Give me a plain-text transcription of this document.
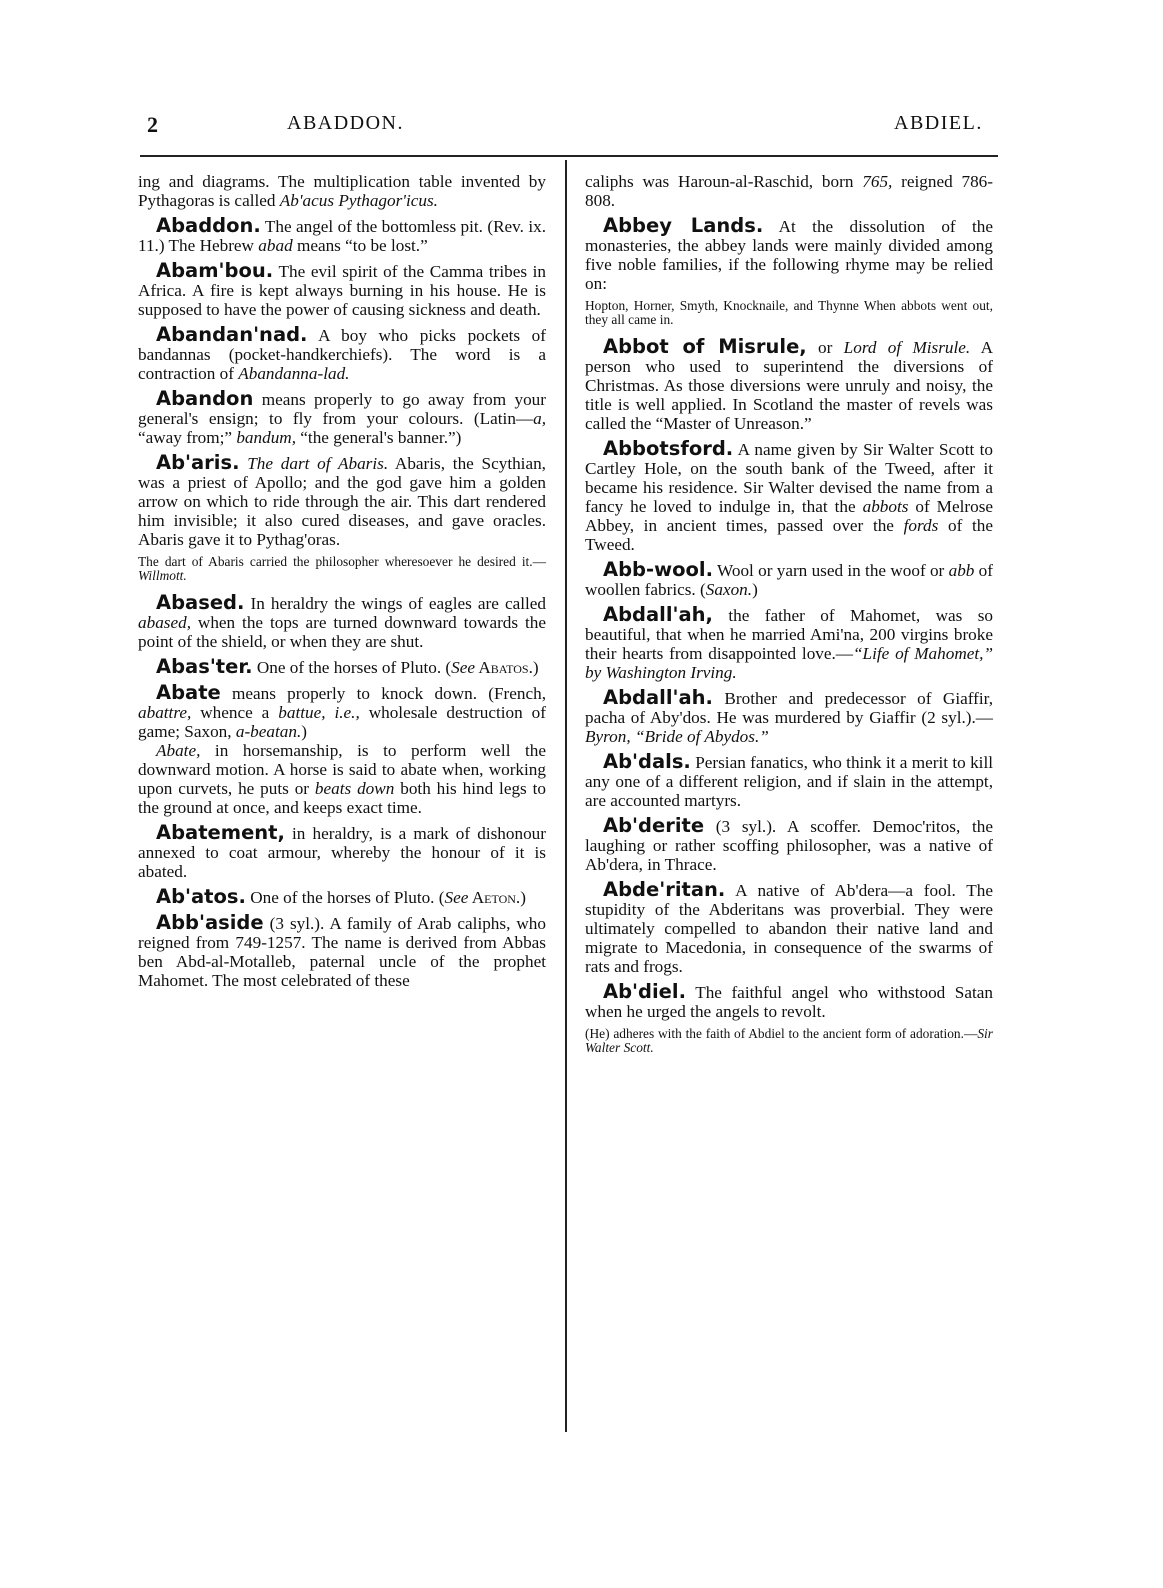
2	ABADDON.	ABDIEL.

ing and diagrams. The multiplication table invented by Pythagoras is called Ab'acus Pythagor'icus.

Abaddon. The angel of the bottomless pit. (Rev. ix. 11.) The Hebrew abad means “to be lost.”

Abam'bou. The evil spirit of the Camma tribes in Africa. A fire is kept always burning in his house. He is supposed to have the power of causing sickness and death.

Abandan'nad. A boy who picks pockets of bandannas (pocket-handkerchiefs). The word is a contraction of Abandanna-lad.

Abandon means properly to go away from your general's ensign; to fly from your colours. (Latin—a, “away from;” bandum, “the general's banner.”)

Ab'aris. The dart of Abaris. Abaris, the Scythian, was a priest of Apollo; and the god gave him a golden arrow on which to ride through the air. This dart rendered him invisible; it also cured diseases, and gave oracles. Abaris gave it to Pythag'oras.

The dart of Abaris carried the philosopher wheresoever he desired it.—Willmott.

Abased. In heraldry the wings of eagles are called abased, when the tops are turned downward towards the point of the shield, or when they are shut.

Abas'ter. One of the horses of Pluto. (See Abatos.)

Abate means properly to knock down. (French, abattre, whence a battue, i.e., wholesale destruction of game; Saxon, a-beatan.)

Abate, in horsemanship, is to perform well the downward motion. A horse is said to abate when, working upon curvets, he puts or beats down both his hind legs to the ground at once, and keeps exact time.

Abatement, in heraldry, is a mark of dishonour annexed to coat armour, whereby the honour of it is abated.

Ab'atos. One of the horses of Pluto. (See Aeton.)

Abb'aside (3 syl.). A family of Arab caliphs, who reigned from 749-1257. The name is derived from Abbas ben Abd-al-Motalleb, paternal uncle of the prophet Mahomet. The most celebrated of these

caliphs was Haroun-al-Raschid, born 765, reigned 786-808.

Abbey Lands. At the dissolution of the monasteries, the abbey lands were mainly divided among five noble families, if the following rhyme may be relied on:

Hopton, Horner, Smyth, Knocknaile, and Thynne When abbots went out, they all came in.

Abbot of Misrule, or Lord of Misrule. A person who used to superintend the diversions of Christmas. As those diversions were unruly and noisy, the title is well applied. In Scotland the master of revels was called the “Master of Unreason.”

Abbotsford. A name given by Sir Walter Scott to Cartley Hole, on the south bank of the Tweed, after it became his residence. Sir Walter devised the name from a fancy he loved to indulge in, that the abbots of Melrose Abbey, in ancient times, passed over the fords of the Tweed.

Abb-wool. Wool or yarn used in the woof or abb of woollen fabrics. (Saxon.)

Abdall'ah, the father of Mahomet, was so beautiful, that when he married Ami'na, 200 virgins broke their hearts from disappointed love.—“Life of Mahomet,” by Washington Irving.

Abdall'ah. Brother and predecessor of Giaffir, pacha of Aby'dos. He was murdered by Giaffir (2 syl.).—Byron, “Bride of Abydos.”

Ab'dals. Persian fanatics, who think it a merit to kill any one of a different religion, and if slain in the attempt, are accounted martyrs.

Ab'derite (3 syl.). A scoffer. Democ'ritos, the laughing or rather scoffing philosopher, was a native of Ab'dera, in Thrace.

Abde'ritan. A native of Ab'dera—a fool. The stupidity of the Abderitans was proverbial. They were ultimately compelled to abandon their native land and migrate to Macedonia, in consequence of the swarms of rats and frogs.

Ab'diel. The faithful angel who withstood Satan when he urged the angels to revolt.

(He) adheres with the faith of Abdiel to the ancient form of adoration.—Sir Walter Scott.
